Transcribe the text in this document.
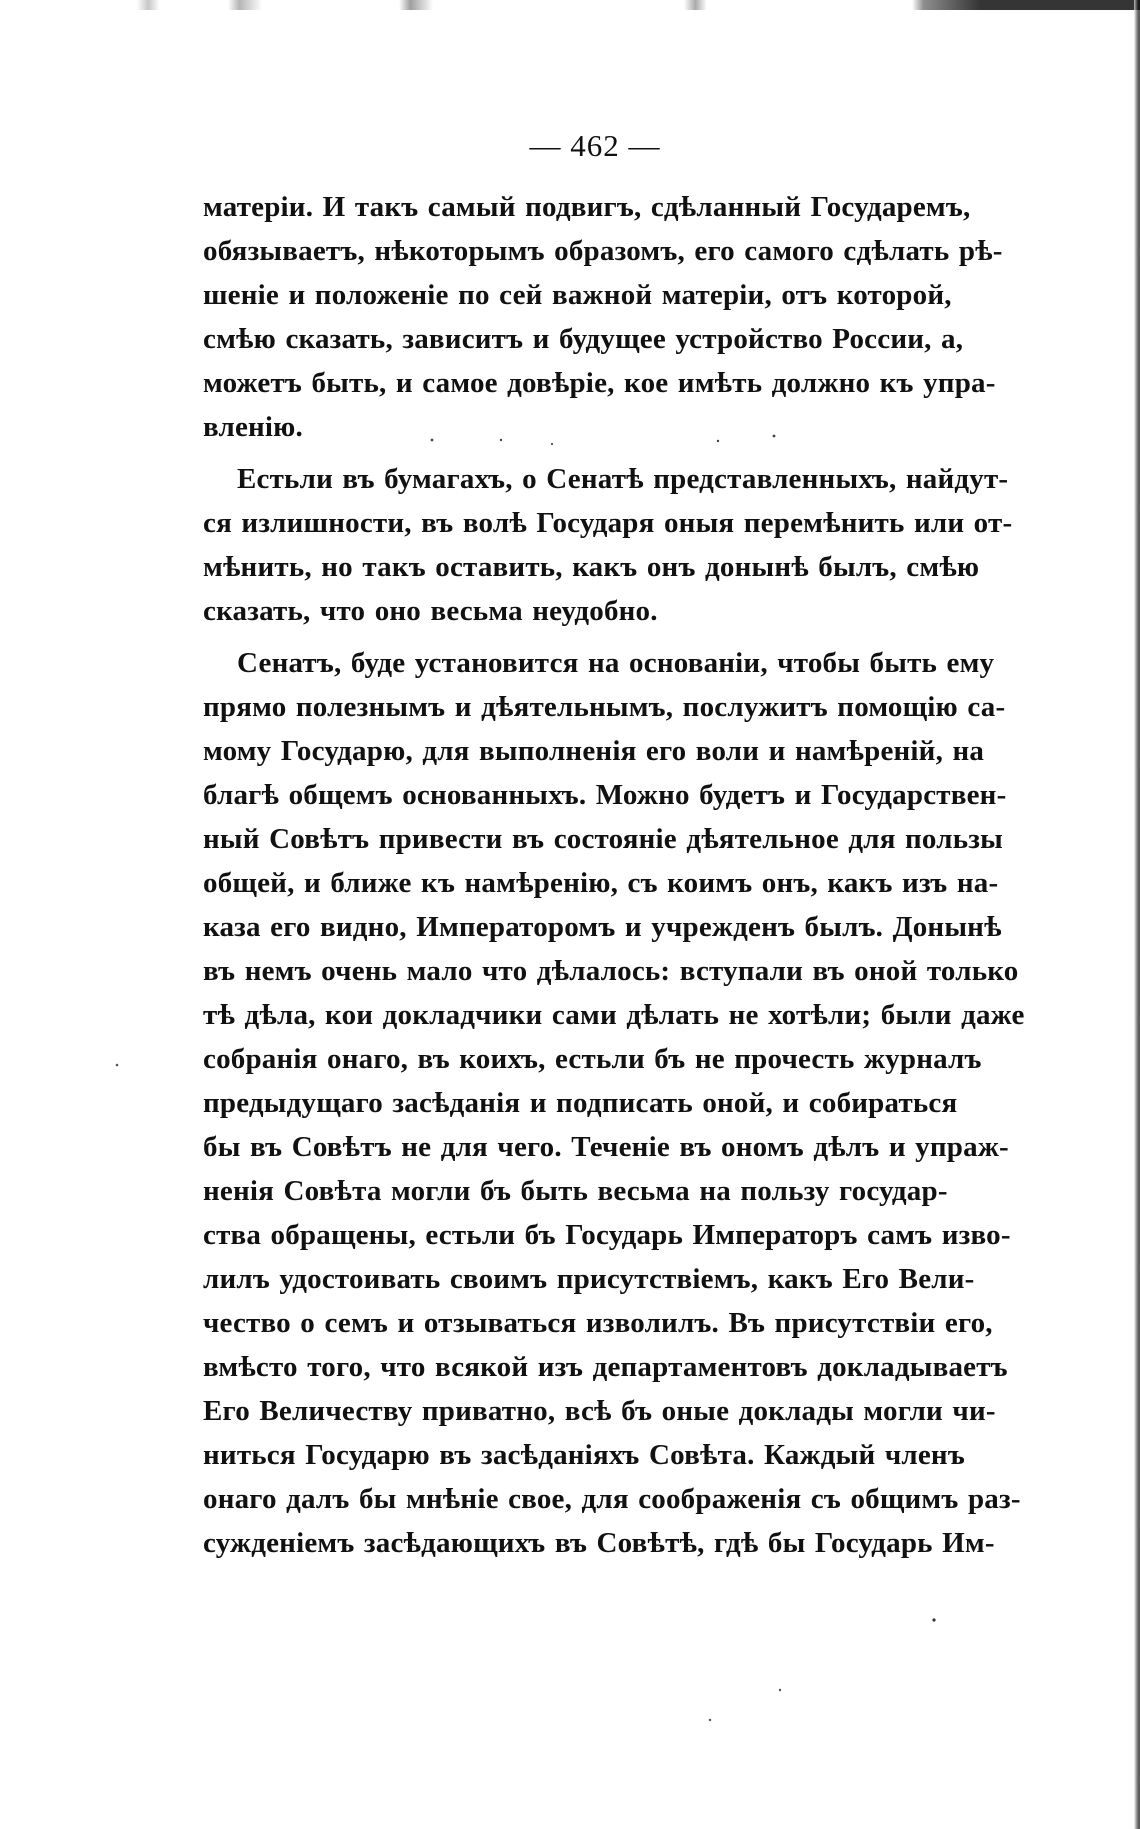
— 462 —
матеріи. И такъ самый подвигъ, сдѣланный Государемъ,
обязываетъ, нѣкоторымъ образомъ, его самого сдѣлать рѣ-
шеніе и положеніе по сей важной матеріи, отъ которой,
смѣю сказать, зависитъ и будущее устройство России, а,
можетъ быть, и самое довѣріе, кое имѣть должно къ упра-
вленію.
Естьли въ бумагахъ, о Сенатѣ представленныхъ, найдут-
ся излишности, въ волѣ Государя оныя перемѣнить или от-
мѣнить, но такъ оставить, какъ онъ донынѣ былъ, смѣю
сказать, что оно весьма неудобно.
Сенатъ, буде установится на основаніи, чтобы быть ему
прямо полезнымъ и дѣятельнымъ, послужитъ помощію са-
мому Государю, для выполненія его воли и намѣреній, на
благѣ общемъ основанныхъ. Можно будетъ и Государствен-
ный Совѣтъ привести въ состояніе дѣятельное для пользы
общей, и ближе къ намѣренію, съ коимъ онъ, какъ изъ на-
каза его видно, Императоромъ и учрежденъ былъ. Донынѣ
въ немъ очень мало что дѣлалось: вступали въ оной только
тѣ дѣла, кои докладчики сами дѣлать не хотѣли; были даже
собранія онаго, въ коихъ, естьли бъ не прочесть журналъ
предыдущаго засѣданія и подписать оной, и собираться
бы въ Совѣтъ не для чего. Теченіе въ ономъ дѣлъ и упраж-
ненія Совѣта могли бъ быть весьма на пользу государ-
ства обращены, естьли бъ Государь Императоръ самъ изво-
лилъ удостоивать своимъ присутствіемъ, какъ Его Вели-
чество о семъ и отзываться изволилъ. Въ присутствіи его,
вмѣсто того, что всякой изъ департаментовъ докладываетъ
Его Величеству приватно, всѣ бъ оные доклады могли чи-
ниться Государю въ засѣданіяхъ Совѣта. Каждый членъ
онаго далъ бы мнѣніе свое, для соображенія съ общимъ раз-
сужденіемъ засѣдающихъ въ Совѣтѣ, гдѣ бы Государь Им-
